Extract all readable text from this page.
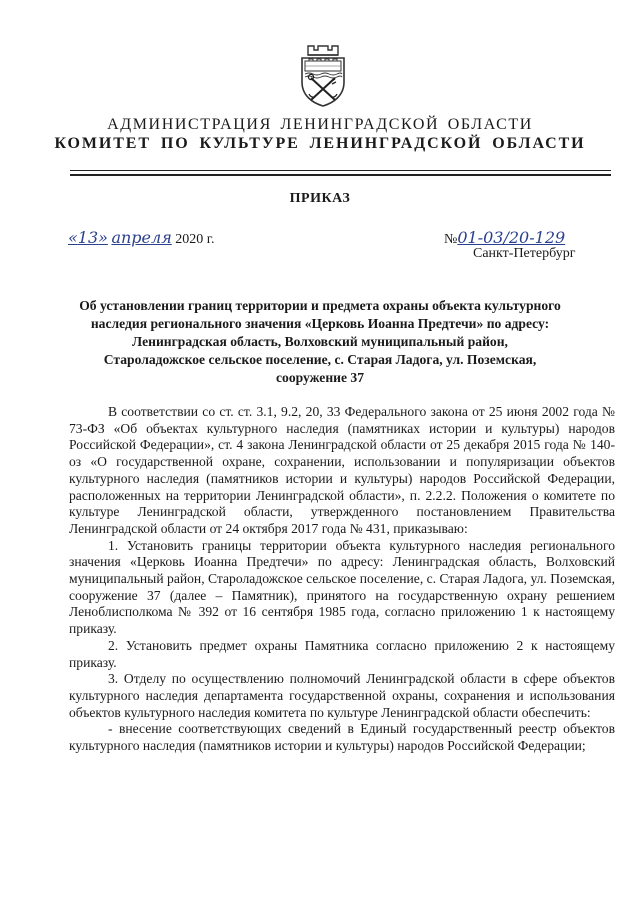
АДМИНИСТРАЦИЯ ЛЕНИНГРАДСКОЙ ОБЛАСТИ
КОМИТЕТ ПО КУЛЬТУРЕ ЛЕНИНГРАДСКОЙ ОБЛАСТИ
ПРИКАЗ
«13» апреля 2020 г.	№01-03/20-129
Санкт-Петербург
Об установлении границ территории и предмета охраны объекта культурного
наследия регионального значения «Церковь Иоанна Предтечи» по адресу:
Ленинградская область, Волховский муниципальный район,
Староладожское сельское поселение, с. Старая Ладога, ул. Поземская,
сооружение 37

В соответствии со ст. ст. 3.1, 9.2, 20, 33 Федерального закона от 25 июня 2002 года № 73-ФЗ «Об объектах культурного наследия (памятниках истории и культуры) народов Российской Федерации», ст. 4 закона Ленинградской области от 25 декабря 2015 года № 140-оз «О государственной охране, сохранении, использовании и популяризации объектов культурного наследия (памятников истории и культуры) народов Российской Федерации, расположенных на территории Ленинградской области», п. 2.2.2. Положения о комитете по культуре Ленинградской области, утвержденного постановлением Правительства Ленинградской области от 24 октября 2017 года № 431, приказываю:

1. Установить границы территории объекта культурного наследия регионального значения «Церковь Иоанна Предтечи» по адресу: Ленинградская область, Волховский муниципальный район, Староладожское сельское поселение, с. Старая Ладога, ул. Поземская, сооружение 37 (далее – Памятник), принятого на государственную охрану решением Леноблисполкома № 392 от 16 сентября 1985 года, согласно приложению 1 к настоящему приказу.

2. Установить предмет охраны Памятника согласно приложению 2 к настоящему приказу.

3. Отделу по осуществлению полномочий Ленинградской области в сфере объектов культурного наследия департамента государственной охраны, сохранения и использования объектов культурного наследия комитета по культуре Ленинградской области обеспечить:

- внесение соответствующих сведений в Единый государственный реестр объектов культурного наследия (памятников истории и культуры) народов Российской Федерации;
